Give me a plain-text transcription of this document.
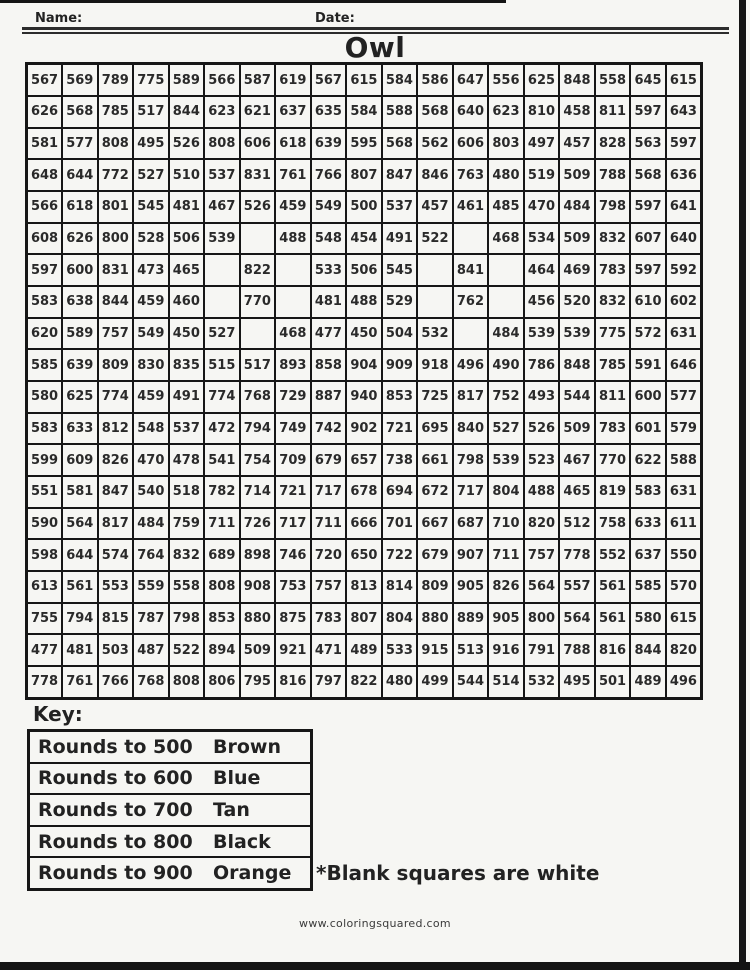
Name:	Date:
Owl
567	569	789	775	589	566	587	619	567	615	584	586	647	556	625	848	558	645	615
626	568	785	517	844	623	621	637	635	584	588	568	640	623	810	458	811	597	643
581	577	808	495	526	808	606	618	639	595	568	562	606	803	497	457	828	563	597
648	644	772	527	510	537	831	761	766	807	847	846	763	480	519	509	788	568	636
566	618	801	545	481	467	526	459	549	500	537	457	461	485	470	484	798	597	641
608	626	800	528	506	539		488	548	454	491	522		468	534	509	832	607	640
597	600	831	473	465		822		533	506	545		841		464	469	783	597	592
583	638	844	459	460		770		481	488	529		762		456	520	832	610	602
620	589	757	549	450	527		468	477	450	504	532		484	539	539	775	572	631
585	639	809	830	835	515	517	893	858	904	909	918	496	490	786	848	785	591	646
580	625	774	459	491	774	768	729	887	940	853	725	817	752	493	544	811	600	577
583	633	812	548	537	472	794	749	742	902	721	695	840	527	526	509	783	601	579
599	609	826	470	478	541	754	709	679	657	738	661	798	539	523	467	770	622	588
551	581	847	540	518	782	714	721	717	678	694	672	717	804	488	465	819	583	631
590	564	817	484	759	711	726	717	711	666	701	667	687	710	820	512	758	633	611
598	644	574	764	832	689	898	746	720	650	722	679	907	711	757	778	552	637	550
613	561	553	559	558	808	908	753	757	813	814	809	905	826	564	557	561	585	570
755	794	815	787	798	853	880	875	783	807	804	880	889	905	800	564	561	580	615
477	481	503	487	522	894	509	921	471	489	533	915	513	916	791	788	816	844	820
778	761	766	768	808	806	795	816	797	822	480	499	544	514	532	495	501	489	496
Key:
Rounds to 500 Brown

Rounds to 600 Blue

Rounds to 700 Tan

Rounds to 800 Black

Rounds to 900 Orange *Blank squares are white
www.coloringsquared.com
